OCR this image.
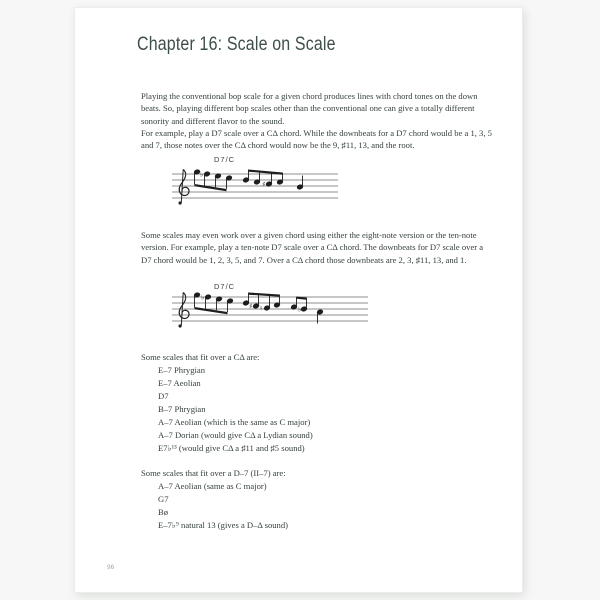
Chapter 16: Scale on Scale

Playing the conventional bop scale for a given chord produces lines with chord tones on the down beats. So, playing different bop scales other than the conventional one can give a totally different sonority and different flavor to the sound.

For example, play a D7 scale over a CΔ chord. While the downbeats for a D7 chord would be a 1, 3, 5 and 7, those notes over the CΔ chord would now be the 9, ♯11, 13, and the root.

D7/C
♭
♯

Some scales may even work over a given chord using either the eight-note version or the ten-note version. For example, play a ten-note D7 scale over a CΔ chord. The downbeats for D7 scale over a D7 chord would be 1, 2, 3, 5, and 7. Over a CΔ chord those downbeats are 2, 3, ♯11, 13, and 1.

D7/C
♭
♯ ♮	♭
Some scales that fit over a CΔ are:
E–7 Phrygian
E–7 Aeolian
D7
B–7 Phrygian
A–7 Aeolian (which is the same as C major)
A–7 Dorian (would give CΔ a Lydian sound)
E7♭¹³ (would give CΔ a ♯11 and ♯5 sound)
Some scales that fit over a D–7 (II–7) are:
A–7 Aeolian (same as C major)
G7
Bø
E–7♭⁹ natural 13 (gives a D–Δ sound)
96
